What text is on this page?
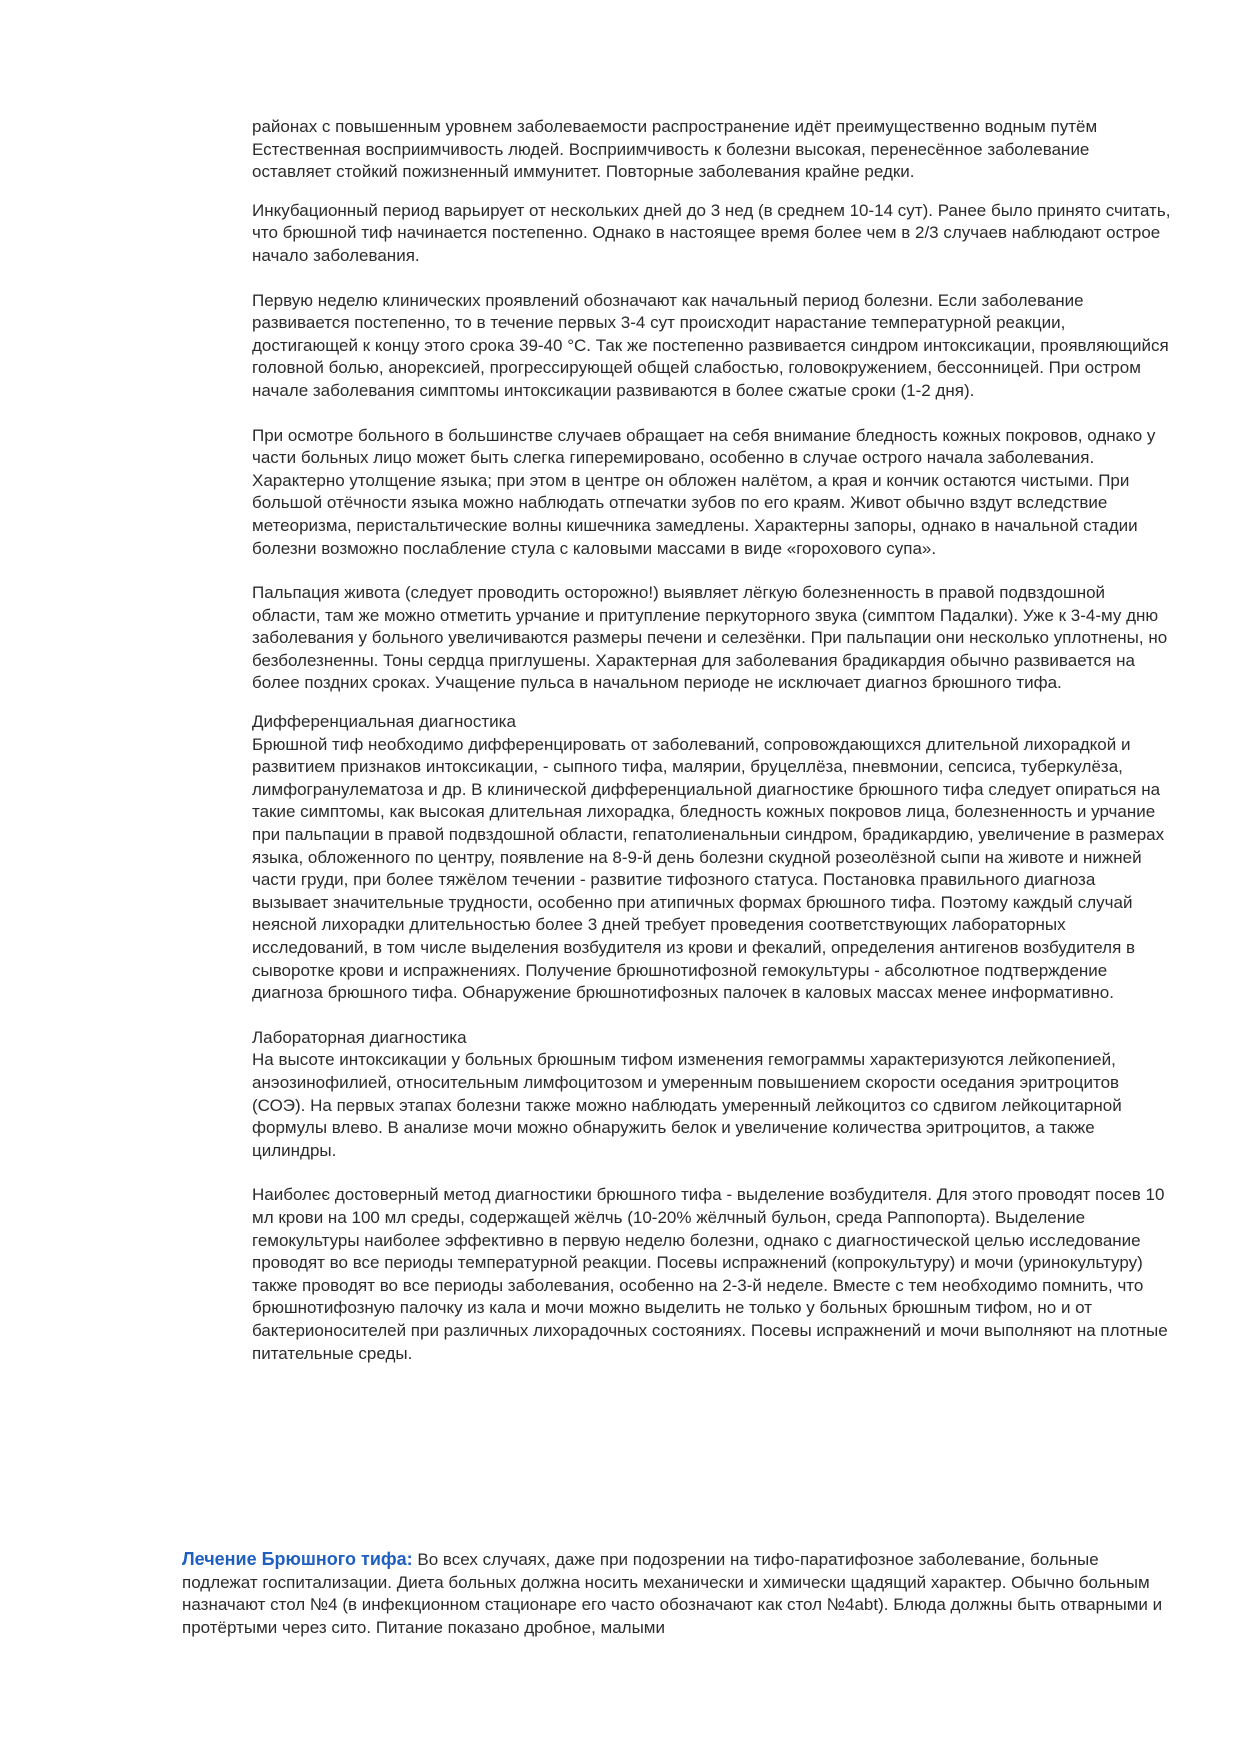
районах с повышенным уровнем заболеваемости распространение идёт преимущественно водным путём Естественная восприимчивость людей. Восприимчивость к болезни высокая, перенесённое заболевание оставляет стойкий пожизненный иммунитет. Повторные заболевания крайне редки.

Инкубационный период варьирует от нескольких дней до 3 нед (в среднем 10-14 сут). Ранее было принято считать, что брюшной тиф начинается постепенно. Однако в настоящее время более чем в 2/3 случаев наблюдают острое начало заболевания.

Первую неделю клинических проявлений обозначают как начальный период болезни. Если заболевание развивается постепенно, то в течение первых 3-4 сут происходит нарастание температурной реакции, достигающей к концу этого срока 39-40 °С. Так же постепенно развивается синдром интоксикации, проявляющийся головной болью, анорексией, прогрессирующей общей слабостью, головокружением, бессонницей. При остром начале заболевания симптомы интоксикации развиваются в более сжатые сроки (1-2 дня).

При осмотре больного в большинстве случаев обращает на себя внимание бледность кожных покровов, однако у части больных лицо может быть слегка гиперемировано, особенно в случае острого начала заболевания. Характерно утолщение языка; при этом в центре он обложен налётом, а края и кончик остаются чистыми. При большой отёчности языка можно наблюдать отпечатки зубов по его краям. Живот обычно вздут вследствие метеоризма, перистальтические волны кишечника замедлены. Характерны запоры, однако в начальной стадии болезни возможно послабление стула с каловыми массами в виде «горохового супа».

Пальпация живота (следует проводить осторожно!) выявляет лёгкую болезненность в правой подвздошной области, там же можно отметить урчание и притупление перкуторного звука (симптом Падалки). Уже к 3-4-му дню заболевания у больного увеличиваются размеры печени и селезёнки. При пальпации они несколько уплотнены, но безболезненны. Тоны сердца приглушены. Характерная для заболевания брадикардия обычно развивается на более поздних сроках. Учащение пульса в начальном периоде не исключает диагноз брюшного тифа.

Дифференциальная диагностика

Брюшной тиф необходимо дифференцировать от заболеваний, сопровождающихся длительной лихорадкой и развитием признаков интоксикации, - сыпного тифа, малярии, бруцеллёза, пневмонии, сепсиса, туберкулёза, лимфогранулематоза и др. В клинической дифференциальной диагностике брюшного тифа следует опираться на такие симптомы, как высокая длительная лихорадка, бледность кожных покровов лица, болезненность и урчание при пальпации в правой подвздошной области, гепатолиенальныи синдром, брадикардию, увеличение в размерах языка, обложенного по центру, появление на 8-9-й день болезни скудной розеолёзной сыпи на животе и нижней части груди, при более тяжёлом течении - развитие тифозного статуса. Постановка правильного диагноза вызывает значительные трудности, особенно при атипичных формах брюшного тифа. Поэтому каждый случай неясной лихорадки длительностью более 3 дней требует проведения соответствующих лабораторных исследований, в том числе выделения возбудителя из крови и фекалий, определения антигенов возбудителя в сыворотке крови и испражнениях. Получение брюшнотифозной гемокультуры - абсолютное подтверждение диагноза брюшного тифа. Обнаружение брюшнотифозных палочек в каловых массах менее информативно.

Лабораторная диагностика

На высоте интоксикации у больных брюшным тифом изменения гемограммы характеризуются лейкопенией, анэозинофилией, относительным лимфоцитозом и умеренным повышением скорости оседания эритроцитов (СОЭ). На первых этапах болезни также можно наблюдать умеренный лейкоцитоз со сдвигом лейкоцитарной формулы влево. В анализе мочи можно обнаружить белок и увеличение количества эритроцитов, а также цилиндры.

Наиболеє достоверный метод диагностики брюшного тифа - выделение возбудителя. Для этого проводят посев 10 мл крови на 100 мл среды, содержащей жёлчь (10-20% жёлчный бульон, среда Раппопорта). Выделение гемокультуры наиболее эффективно в первую неделю болезни, однако с диагностической целью исследование проводят во все периоды температурной реакции. Посевы испражнений (копрокультуру) и мочи (уринокультуру) также проводят во все периоды заболевания, особенно на 2-3-й неделе. Вместе с тем необходимо помнить, что брюшнотифозную палочку из кала и мочи можно выделить не только у больных брюшным тифом, но и от бактерионосителей при различных лихорадочных состояниях. Посевы испражнений и мочи выполняют на плотные питательные среды.

Лечение Брюшного тифа: Во всех случаях, даже при подозрении на тифо-паратифозное заболевание, больные подлежат госпитализации. Диета больных должна носить механически и химически щадящий характер. Обычно больным назначают стол №4 (в инфекционном стационаре его часто обозначают как стол №4abt). Блюда должны быть отварными и протёртыми через сито. Питание показано дробное, малыми
